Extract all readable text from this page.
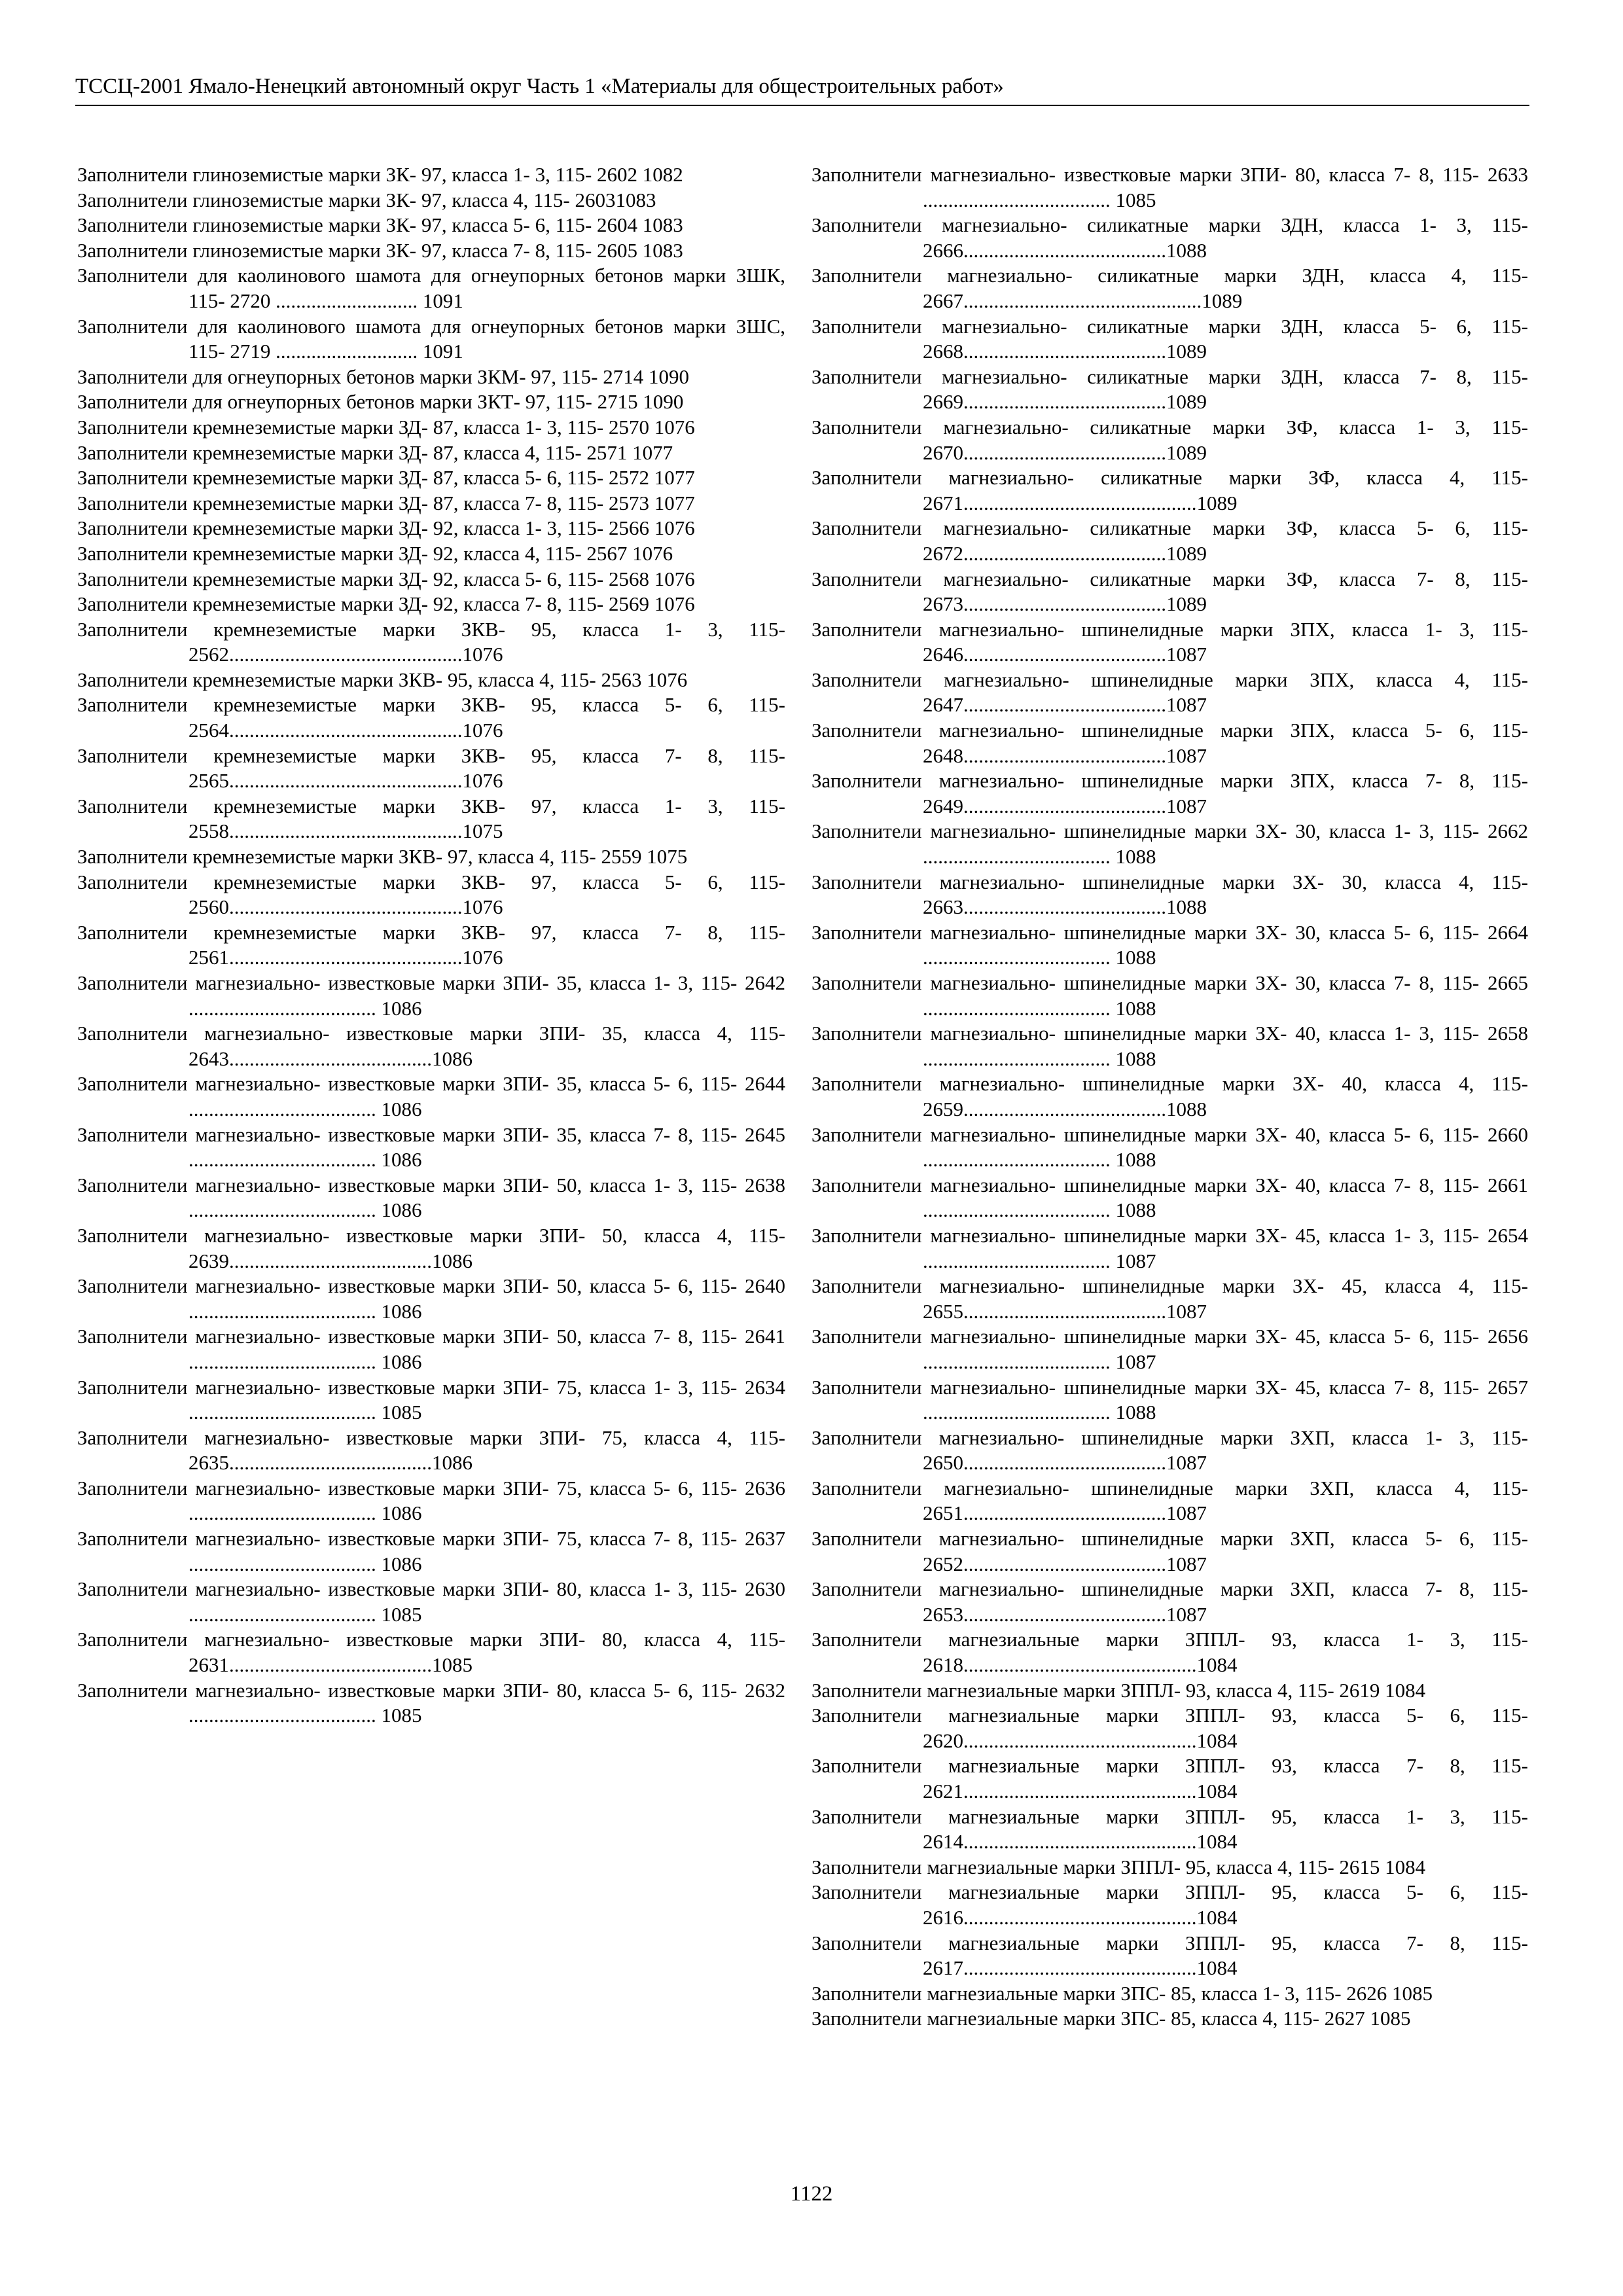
ТССЦ-2001 Ямало-Ненецкий автономный округ Часть 1 «Материалы для общестроительных работ»

Заполнители глиноземистые марки ЗК- 97, класса 1- 3, 115- 2602 1082

Заполнители глиноземистые марки ЗК- 97, класса 4, 115- 26031083

Заполнители глиноземистые марки ЗК- 97, класса 5- 6, 115- 2604 1083

Заполнители глиноземистые марки ЗК- 97, класса 7- 8, 115- 2605 1083

Заполнители для каолинового шамота для огнеупорных бетонов марки ЗШК, 115- 2720 ............................ 1091

Заполнители для каолинового шамота для огнеупорных бетонов марки ЗШС, 115- 2719 ............................ 1091

Заполнители для огнеупорных бетонов марки ЗКМ- 97, 115- 2714 1090

Заполнители для огнеупорных бетонов марки ЗКТ- 97, 115- 2715 1090

Заполнители кремнеземистые марки ЗД- 87, класса 1- 3, 115- 2570 1076

Заполнители кремнеземистые марки ЗД- 87, класса 4, 115- 2571 1077

Заполнители кремнеземистые марки ЗД- 87, класса 5- 6, 115- 2572 1077

Заполнители кремнеземистые марки ЗД- 87, класса 7- 8, 115- 2573 1077

Заполнители кремнеземистые марки ЗД- 92, класса 1- 3, 115- 2566 1076

Заполнители кремнеземистые марки ЗД- 92, класса 4, 115- 2567 1076

Заполнители кремнеземистые марки ЗД- 92, класса 5- 6, 115- 2568 1076

Заполнители кремнеземистые марки ЗД- 92, класса 7- 8, 115- 2569 1076

Заполнители кремнеземистые марки ЗКВ- 95, класса 1- 3, 115- 2562..............................................1076

Заполнители кремнеземистые марки ЗКВ- 95, класса 4, 115- 2563 1076

Заполнители кремнеземистые марки ЗКВ- 95, класса 5- 6, 115- 2564..............................................1076

Заполнители кремнеземистые марки ЗКВ- 95, класса 7- 8, 115- 2565..............................................1076

Заполнители кремнеземистые марки ЗКВ- 97, класса 1- 3, 115- 2558..............................................1075

Заполнители кремнеземистые марки ЗКВ- 97, класса 4, 115- 2559 1075

Заполнители кремнеземистые марки ЗКВ- 97, класса 5- 6, 115- 2560..............................................1076

Заполнители кремнеземистые марки ЗКВ- 97, класса 7- 8, 115- 2561..............................................1076

Заполнители магнезиально- известковые марки ЗПИ- 35, класса 1- 3, 115- 2642 ..................................... 1086

Заполнители магнезиально- известковые марки ЗПИ- 35, класса 4, 115- 2643........................................1086

Заполнители магнезиально- известковые марки ЗПИ- 35, класса 5- 6, 115- 2644 ..................................... 1086

Заполнители магнезиально- известковые марки ЗПИ- 35, класса 7- 8, 115- 2645 ..................................... 1086

Заполнители магнезиально- известковые марки ЗПИ- 50, класса 1- 3, 115- 2638 ..................................... 1086

Заполнители магнезиально- известковые марки ЗПИ- 50, класса 4, 115- 2639........................................1086

Заполнители магнезиально- известковые марки ЗПИ- 50, класса 5- 6, 115- 2640 ..................................... 1086

Заполнители магнезиально- известковые марки ЗПИ- 50, класса 7- 8, 115- 2641 ..................................... 1086

Заполнители магнезиально- известковые марки ЗПИ- 75, класса 1- 3, 115- 2634 ..................................... 1085

Заполнители магнезиально- известковые марки ЗПИ- 75, класса 4, 115- 2635........................................1086

Заполнители магнезиально- известковые марки ЗПИ- 75, класса 5- 6, 115- 2636 ..................................... 1086

Заполнители магнезиально- известковые марки ЗПИ- 75, класса 7- 8, 115- 2637 ..................................... 1086

Заполнители магнезиально- известковые марки ЗПИ- 80, класса 1- 3, 115- 2630 ..................................... 1085

Заполнители магнезиально- известковые марки ЗПИ- 80, класса 4, 115- 2631........................................1085

Заполнители магнезиально- известковые марки ЗПИ- 80, класса 5- 6, 115- 2632 ..................................... 1085

Заполнители магнезиально- известковые марки ЗПИ- 80, класса 7- 8, 115- 2633 ..................................... 1085

Заполнители магнезиально- силикатные марки ЗДН, класса 1- 3, 115- 2666........................................1088

Заполнители магнезиально- силикатные марки ЗДН, класса 4, 115- 2667...............................................1089

Заполнители магнезиально- силикатные марки ЗДН, класса 5- 6, 115- 2668........................................1089

Заполнители магнезиально- силикатные марки ЗДН, класса 7- 8, 115- 2669........................................1089

Заполнители магнезиально- силикатные марки ЗФ, класса 1- 3, 115- 2670........................................1089

Заполнители магнезиально- силикатные марки ЗФ, класса 4, 115- 2671..............................................1089

Заполнители магнезиально- силикатные марки ЗФ, класса 5- 6, 115- 2672........................................1089

Заполнители магнезиально- силикатные марки ЗФ, класса 7- 8, 115- 2673........................................1089

Заполнители магнезиально- шпинелидные марки ЗПХ, класса 1- 3, 115- 2646........................................1087

Заполнители магнезиально- шпинелидные марки ЗПХ, класса 4, 115- 2647........................................1087

Заполнители магнезиально- шпинелидные марки ЗПХ, класса 5- 6, 115- 2648........................................1087

Заполнители магнезиально- шпинелидные марки ЗПХ, класса 7- 8, 115- 2649........................................1087

Заполнители магнезиально- шпинелидные марки ЗХ- 30, класса 1- 3, 115- 2662 ..................................... 1088

Заполнители магнезиально- шпинелидные марки ЗХ- 30, класса 4, 115- 2663........................................1088

Заполнители магнезиально- шпинелидные марки ЗХ- 30, класса 5- 6, 115- 2664 ..................................... 1088

Заполнители магнезиально- шпинелидные марки ЗХ- 30, класса 7- 8, 115- 2665 ..................................... 1088

Заполнители магнезиально- шпинелидные марки ЗХ- 40, класса 1- 3, 115- 2658 ..................................... 1088

Заполнители магнезиально- шпинелидные марки ЗХ- 40, класса 4, 115- 2659........................................1088

Заполнители магнезиально- шпинелидные марки ЗХ- 40, класса 5- 6, 115- 2660 ..................................... 1088

Заполнители магнезиально- шпинелидные марки ЗХ- 40, класса 7- 8, 115- 2661 ..................................... 1088

Заполнители магнезиально- шпинелидные марки ЗХ- 45, класса 1- 3, 115- 2654 ..................................... 1087

Заполнители магнезиально- шпинелидные марки ЗХ- 45, класса 4, 115- 2655........................................1087

Заполнители магнезиально- шпинелидные марки ЗХ- 45, класса 5- 6, 115- 2656 ..................................... 1087

Заполнители магнезиально- шпинелидные марки ЗХ- 45, класса 7- 8, 115- 2657 ..................................... 1088

Заполнители магнезиально- шпинелидные марки ЗХП, класса 1- 3, 115- 2650........................................1087

Заполнители магнезиально- шпинелидные марки ЗХП, класса 4, 115- 2651........................................1087

Заполнители магнезиально- шпинелидные марки ЗХП, класса 5- 6, 115- 2652........................................1087

Заполнители магнезиально- шпинелидные марки ЗХП, класса 7- 8, 115- 2653........................................1087

Заполнители магнезиальные марки ЗППЛ- 93, класса 1- 3, 115- 2618..............................................1084

Заполнители магнезиальные марки ЗППЛ- 93, класса 4, 115- 2619 1084

Заполнители магнезиальные марки ЗППЛ- 93, класса 5- 6, 115- 2620..............................................1084

Заполнители магнезиальные марки ЗППЛ- 93, класса 7- 8, 115- 2621..............................................1084

Заполнители магнезиальные марки ЗППЛ- 95, класса 1- 3, 115- 2614..............................................1084

Заполнители магнезиальные марки ЗППЛ- 95, класса 4, 115- 2615 1084

Заполнители магнезиальные марки ЗППЛ- 95, класса 5- 6, 115- 2616..............................................1084

Заполнители магнезиальные марки ЗППЛ- 95, класса 7- 8, 115- 2617..............................................1084

Заполнители магнезиальные марки ЗПС- 85, класса 1- 3, 115- 2626 1085

Заполнители магнезиальные марки ЗПС- 85, класса 4, 115- 2627 1085

1122
